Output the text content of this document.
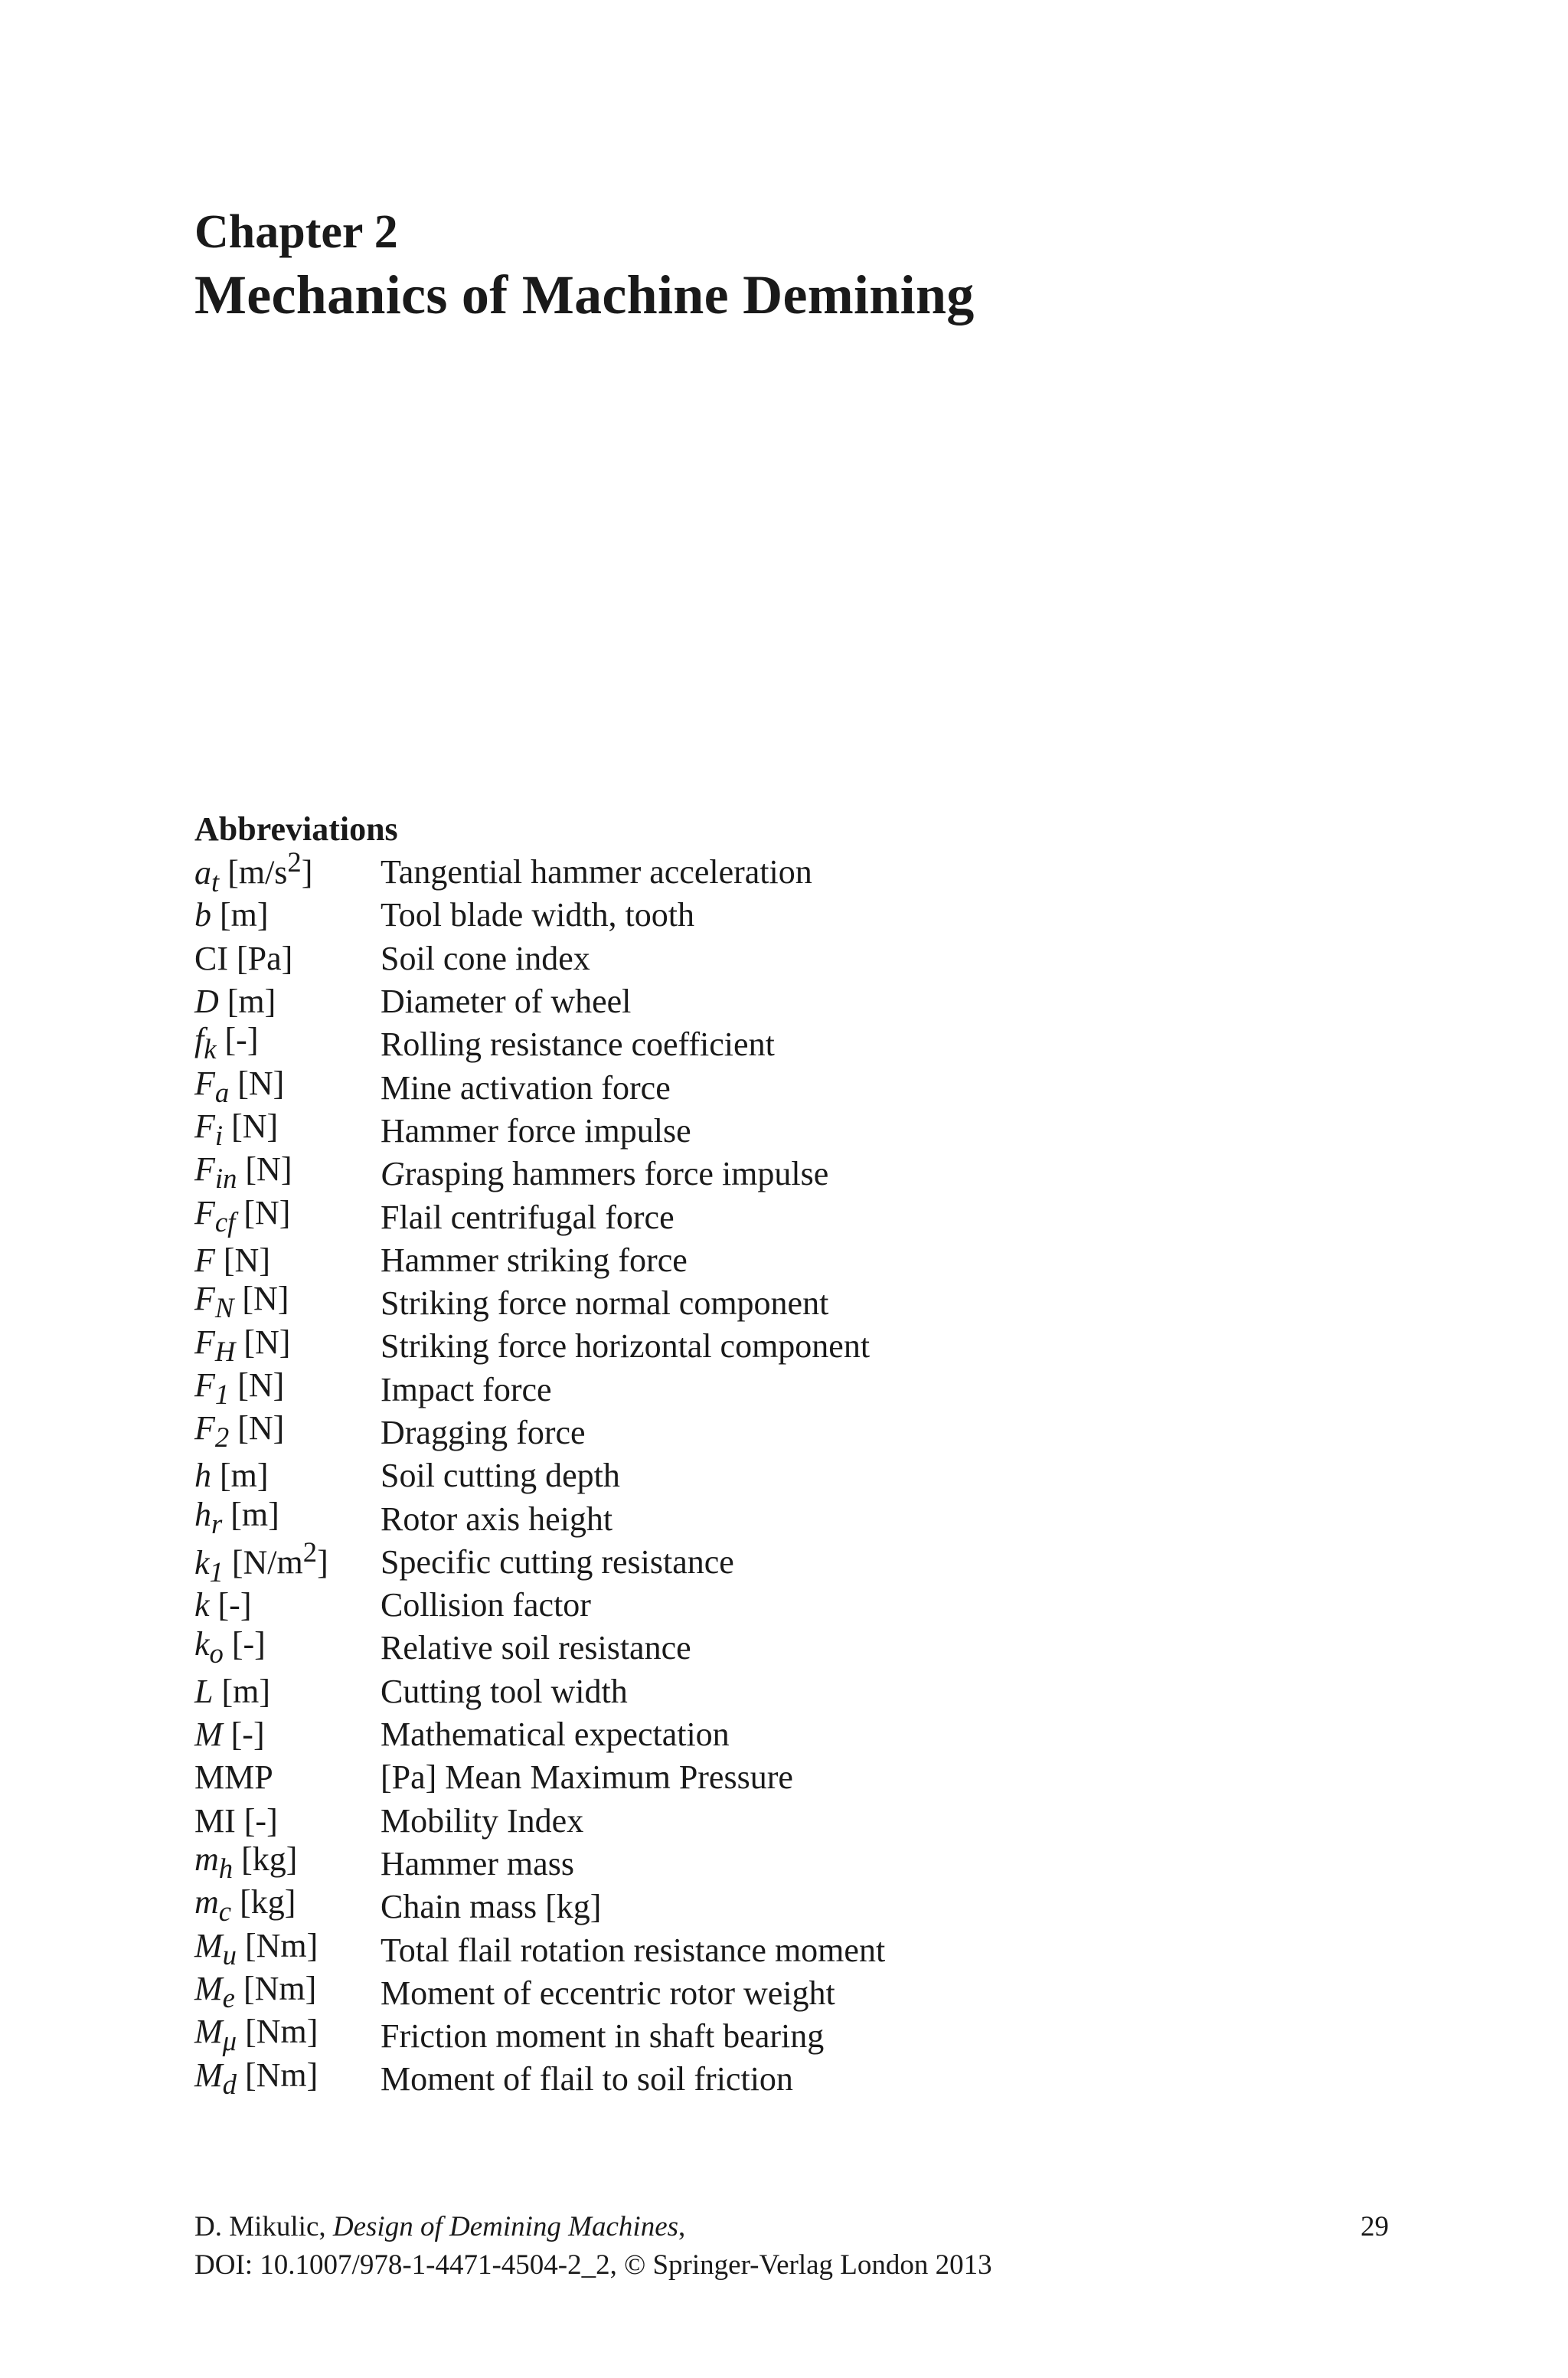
Chapter 2
Mechanics of Machine Demining
Abbreviations
$a_t$ $[m/s^2]$	Tangential hammer acceleration
b [m]	Tool blade width, tooth
CI [Pa]	Soil cone index
D [m]	Diameter of wheel
$f_k$ [-]	Rolling resistance coefficient
$F_a$ [N]	Mine activation force
$F_i$ [N]	Hammer force impulse
$F_{in}$ [N]	Grasping hammers force impulse
$F_{cf}$ [N]	Flail centrifugal force
F [N]	Hammer striking force
$F_N$ [N]	Striking force normal component
$F_H$ [N]	Striking force horizontal component
$F_1$ [N]	Impact force
$F_2$ [N]	Dragging force
h [m]	Soil cutting depth
$h_r$ [m]	Rotor axis height
$k_1$ $[N/m^2]$	Specific cutting resistance
k [-]	Collision factor
$k_o$ [-]	Relative soil resistance
L [m]	Cutting tool width
M [-]	Mathematical expectation
MMP	[Pa] Mean Maximum Pressure
MI [-]	Mobility Index
$m_h$ [kg]	Hammer mass
$m_c$ [kg]	Chain mass [kg]
$M_u$ [Nm]	Total flail rotation resistance moment
$M_e$ [Nm]	Moment of eccentric rotor weight
$M_\mu$ [Nm]	Friction moment in shaft bearing
$M_d$ [Nm]	Moment of flail to soil friction
D. Mikulic, Design of Demining Machines,
DOI: 10.1007/978-1-4471-4504-2_2, © Springer-Verlag London 2013
29
